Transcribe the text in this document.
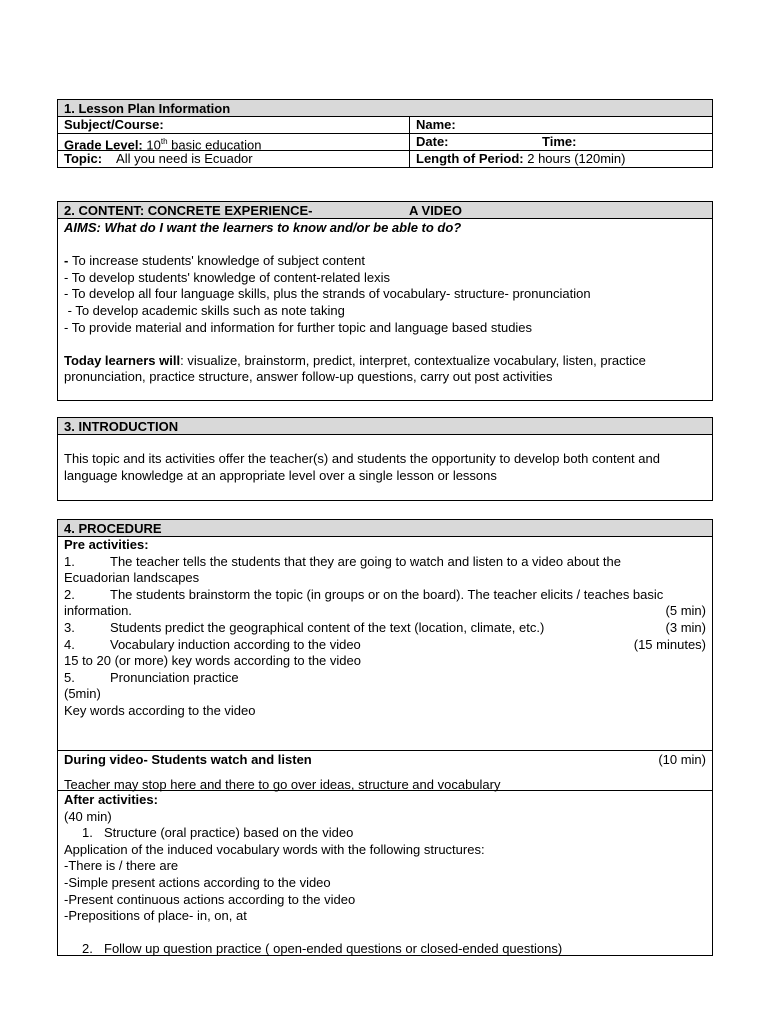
1. Lesson Plan Information
Subject/Course:	Name:
Grade Level: 10th basic education	Date:	Time:
Topic: All you need is Ecuador	Length of Period: 2 hours (120min)
2. CONTENT: CONCRETE EXPERIENCE-	A VIDEO
AIMS: What do I want the learners to know and/or be able to do?
- To increase students' knowledge of subject content
- To develop students' knowledge of content-related lexis
- To develop all four language skills, plus the strands of vocabulary- structure- pronunciation
- To develop academic skills such as note taking
- To provide material and information for further topic and language based studies
Today learners will: visualize, brainstorm, predict, interpret, contextualize vocabulary, listen, practice pronunciation, practice structure, answer follow-up questions, carry out post activities
3. INTRODUCTION
This topic and its activities offer the teacher(s) and students the opportunity to develop both content and language knowledge at an appropriate level over a single lesson or lessons
4. PROCEDURE
Pre activities:
1.	The teacher tells the students that they are going to watch and listen to a video about the
Ecuadorian landscapes
2.	The students brainstorm the topic (in groups or on the board). The teacher elicits / teaches basic
information.	(5 min)
3.	Students predict the geographical content of the text (location, climate, etc.)	(3 min)
4.	Vocabulary induction according to the video	(15 minutes)
15 to 20 (or more) key words according to the video
5.	Pronunciation practice
(5min)
Key words according to the video
During video- Students watch and listen	(10 min)
Teacher may stop here and there to go over ideas, structure and vocabulary
After activities:
(40 min)
1. Structure (oral practice) based on the video
Application of the induced vocabulary words with the following structures:
-There is / there are
-Simple present actions according to the video
-Present continuous actions according to the video
-Prepositions of place- in, on, at
2. Follow up question practice ( open-ended questions or closed-ended questions)
